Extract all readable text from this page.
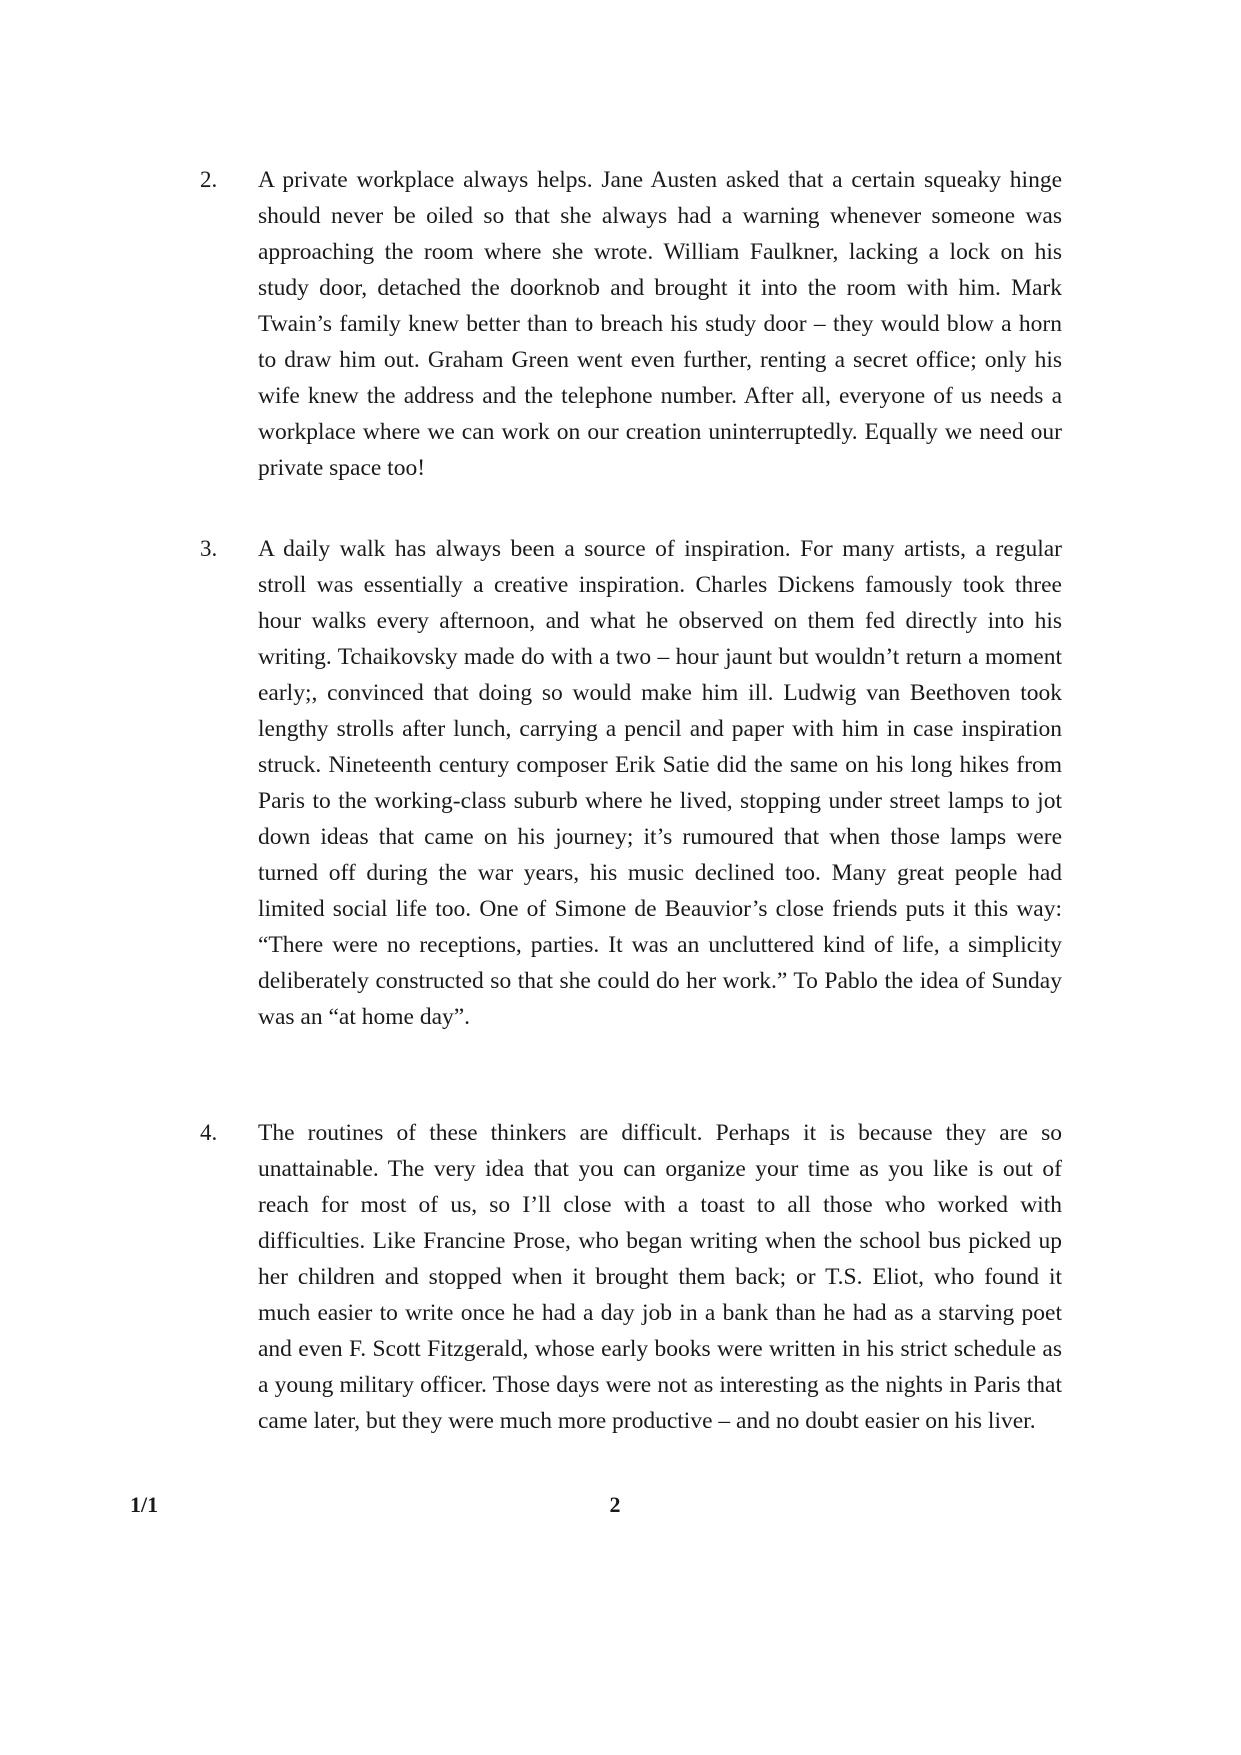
2. A private workplace always helps. Jane Austen asked that a certain squeaky hinge should never be oiled so that she always had a warning whenever someone was approaching the room where she wrote. William Faulkner, lacking a lock on his study door, detached the doorknob and brought it into the room with him. Mark Twain’s family knew better than to breach his study door – they would blow a horn to draw him out. Graham Green went even further, renting a secret office; only his wife knew the address and the telephone number. After all, everyone of us needs a workplace where we can work on our creation uninterruptedly. Equally we need our private space too!

3. A daily walk has always been a source of inspiration. For many artists, a regular stroll was essentially a creative inspiration. Charles Dickens famously took three hour walks every afternoon, and what he observed on them fed directly into his writing. Tchaikovsky made do with a two – hour jaunt but wouldn’t return a moment early;, convinced that doing so would make him ill. Ludwig van Beethoven took lengthy strolls after lunch, carrying a pencil and paper with him in case inspiration struck. Nineteenth century composer Erik Satie did the same on his long hikes from Paris to the working-class suburb where he lived, stopping under street lamps to jot down ideas that came on his journey; it’s rumoured that when those lamps were turned off during the war years, his music declined too. Many great people had limited social life too. One of Simone de Beauvior’s close friends puts it this way: “There were no receptions, parties. It was an uncluttered kind of life, a simplicity deliberately constructed so that she could do her work.” To Pablo the idea of Sunday was an “at home day”.

4. The routines of these thinkers are difficult. Perhaps it is because they are so unattainable. The very idea that you can organize your time as you like is out of reach for most of us, so I’ll close with a toast to all those who worked with difficulties. Like Francine Prose, who began writing when the school bus picked up her children and stopped when it brought them back; or T.S. Eliot, who found it much easier to write once he had a day job in a bank than he had as a starving poet and even F. Scott Fitzgerald, whose early books were written in his strict schedule as a young military officer. Those days were not as interesting as the nights in Paris that came later, but they were much more productive – and no doubt easier on his liver.

1/1	2
